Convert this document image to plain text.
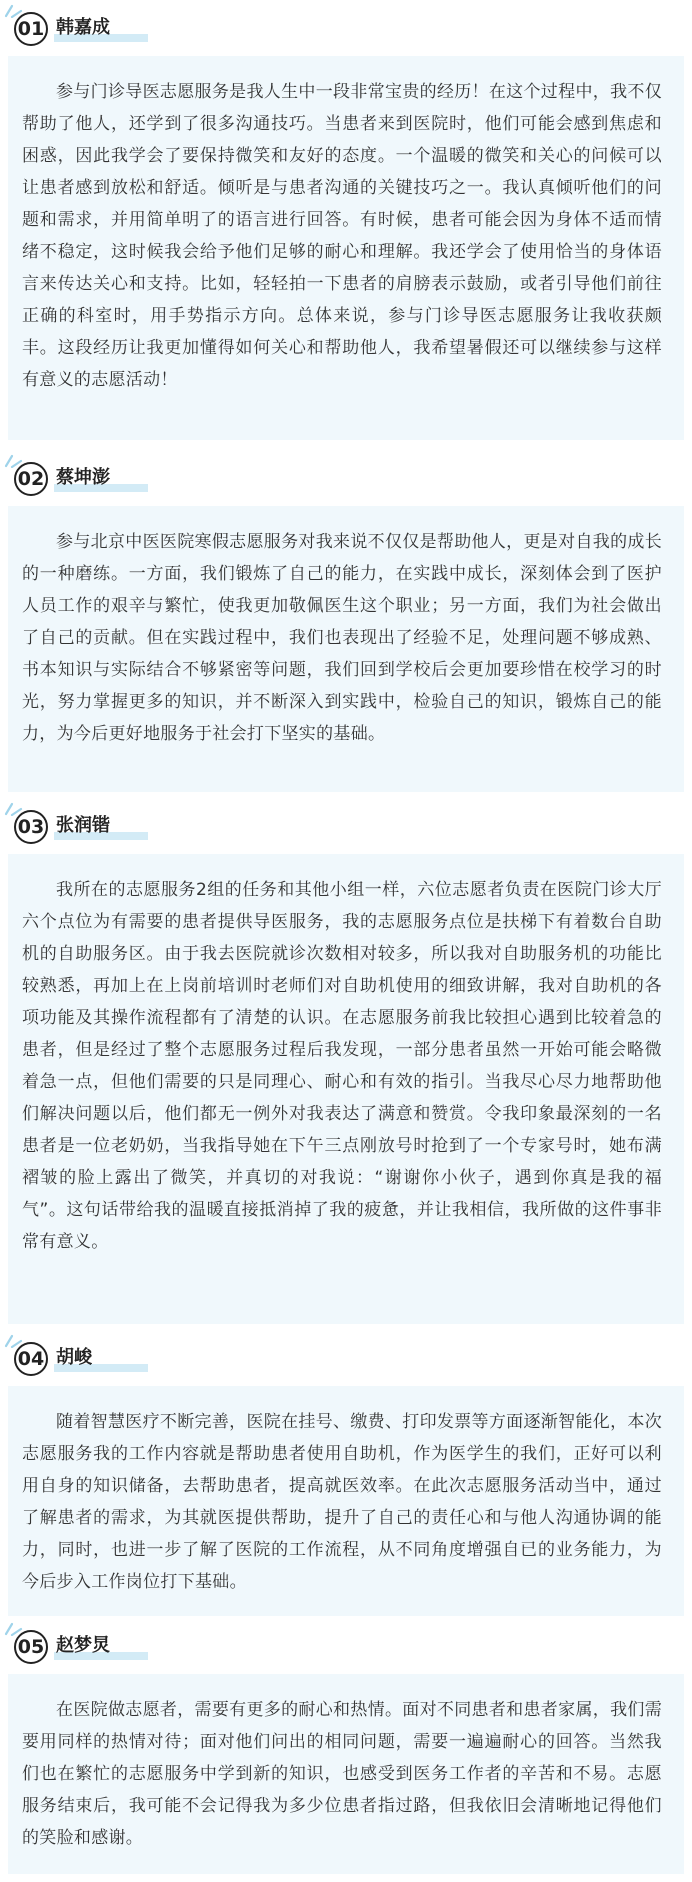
01 韩嘉成

参与门诊导医志愿服务是我人生中一段非常宝贵的经历！在这个过程中，我不仅帮助了他人，还学到了很多沟通技巧。当患者来到医院时，他们可能会感到焦虑和困惑，因此我学会了要保持微笑和友好的态度。一个温暖的微笑和关心的问候可以让患者感到放松和舒适。倾听是与患者沟通的关键技巧之一。我认真倾听他们的问题和需求，并用简单明了的语言进行回答。有时候，患者可能会因为身体不适而情绪不稳定，这时候我会给予他们足够的耐心和理解。我还学会了使用恰当的身体语言来传达关心和支持。比如，轻轻拍一下患者的肩膀表示鼓励，或者引导他们前往正确的科室时，用手势指示方向。总体来说，参与门诊导医志愿服务让我收获颇丰。这段经历让我更加懂得如何关心和帮助他人，我希望暑假还可以继续参与这样有意义的志愿活动！

02 蔡坤澎

参与北京中医医院寒假志愿服务对我来说不仅仅是帮助他人，更是对自我的成长的一种磨练。一方面，我们锻炼了自己的能力，在实践中成长，深刻体会到了医护人员工作的艰辛与繁忙，使我更加敬佩医生这个职业；另一方面，我们为社会做出了自己的贡献。但在实践过程中，我们也表现出了经验不足，处理问题不够成熟、书本知识与实际结合不够紧密等问题，我们回到学校后会更加要珍惜在校学习的时光，努力掌握更多的知识，并不断深入到实践中，检验自己的知识，锻炼自己的能力，为今后更好地服务于社会打下坚实的基础。

03 张润锴

我所在的志愿服务2组的任务和其他小组一样，六位志愿者负责在医院门诊大厅六个点位为有需要的患者提供导医服务，我的志愿服务点位是扶梯下有着数台自助机的自助服务区。由于我去医院就诊次数相对较多，所以我对自助服务机的功能比较熟悉，再加上在上岗前培训时老师们对自助机使用的细致讲解，我对自助机的各项功能及其操作流程都有了清楚的认识。在志愿服务前我比较担心遇到比较着急的患者，但是经过了整个志愿服务过程后我发现，一部分患者虽然一开始可能会略微着急一点，但他们需要的只是同理心、耐心和有效的指引。当我尽心尽力地帮助他们解决问题以后，他们都无一例外对我表达了满意和赞赏。令我印象最深刻的一名患者是一位老奶奶，当我指导她在下午三点刚放号时抢到了一个专家号时，她布满褶皱的脸上露出了微笑，并真切的对我说：“谢谢你小伙子，遇到你真是我的福气”。这句话带给我的温暖直接抵消掉了我的疲惫，并让我相信，我所做的这件事非常有意义。

04 胡峻

随着智慧医疗不断完善，医院在挂号、缴费、打印发票等方面逐渐智能化，本次志愿服务我的工作内容就是帮助患者使用自助机，作为医学生的我们，正好可以利用自身的知识储备，去帮助患者，提高就医效率。在此次志愿服务活动当中，通过了解患者的需求，为其就医提供帮助，提升了自己的责任心和与他人沟通协调的能力，同时，也进一步了解了医院的工作流程，从不同角度增强自已的业务能力，为今后步入工作岗位打下基础。

05 赵梦炅

在医院做志愿者，需要有更多的耐心和热情。面对不同患者和患者家属，我们需要用同样的热情对待；面对他们问出的相同问题，需要一遍遍耐心的回答。当然我们也在繁忙的志愿服务中学到新的知识，也感受到医务工作者的辛苦和不易。志愿服务结束后，我可能不会记得我为多少位患者指过路，但我依旧会清晰地记得他们的笑脸和感谢。
